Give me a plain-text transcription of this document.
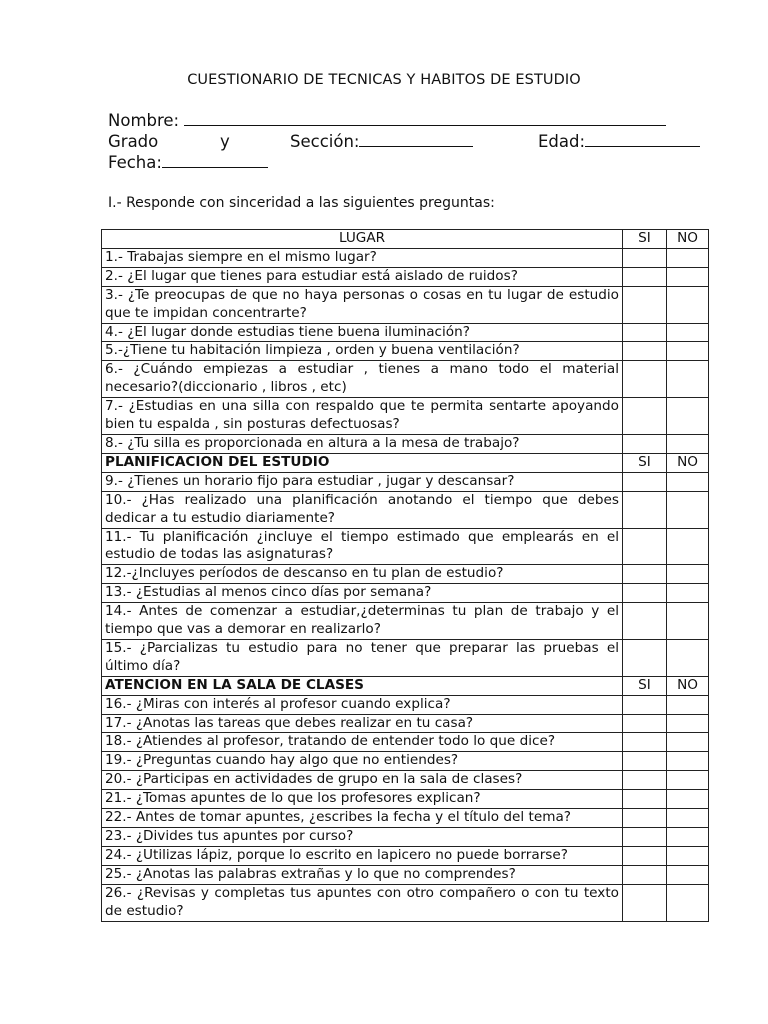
CUESTIONARIO DE TECNICAS Y HABITOS DE ESTUDIO
Nombre:
Grado	y	Sección:	Edad:
Fecha:
I.- Responde con sinceridad a las siguientes preguntas:
LUGAR	SI	NO
1.- Trabajas siempre en el mismo lugar?		
2.- ¿El lugar que tienes para estudiar está aislado de ruidos?		
3.- ¿Te preocupas de que no haya personas o cosas en tu lugar de estudio que te impidan concentrarte?		
4.- ¿El lugar donde estudias tiene buena iluminación?		
5.-¿Tiene tu habitación limpieza , orden y buena ventilación?		
6.- ¿Cuándo empiezas a estudiar , tienes a mano todo el material necesario?(diccionario , libros , etc)		
7.- ¿Estudias en una silla con respaldo que te permita sentarte apoyando bien tu espalda , sin posturas defectuosas?		
8.- ¿Tu silla es proporcionada en altura a la mesa de trabajo?		
PLANIFICACION DEL ESTUDIO	SI	NO
9.- ¿Tienes un horario fijo para estudiar , jugar y descansar?		
10.- ¿Has realizado una planificación anotando el tiempo que debes dedicar a tu estudio diariamente?		
11.- Tu planificación ¿incluye el tiempo estimado que emplearás en el estudio de todas las asignaturas?		
12.-¿Incluyes períodos de descanso en tu plan de estudio?		
13.- ¿Estudias al menos cinco días por semana?		
14.- Antes de comenzar a estudiar,¿determinas tu plan de trabajo y el tiempo que vas a demorar en realizarlo?		
15.- ¿Parcializas tu estudio para no tener que preparar las pruebas el último día?		
ATENCION EN LA SALA DE CLASES	SI	NO
16.- ¿Miras con interés al profesor cuando explica?		
17.- ¿Anotas las tareas que debes realizar en tu casa?		
18.- ¿Atiendes al profesor, tratando de entender todo lo que dice?		
19.- ¿Preguntas cuando hay algo que no entiendes?		
20.- ¿Participas en actividades de grupo en la sala de clases?		
21.- ¿Tomas apuntes de lo que los profesores explican?		
22.- Antes de tomar apuntes, ¿escribes la fecha y el título del tema?		
23.- ¿Divides tus apuntes por curso?		
24.- ¿Utilizas lápiz, porque lo escrito en lapicero no puede borrarse?		
25.- ¿Anotas las palabras extrañas y lo que no comprendes?		
26.- ¿Revisas y completas tus apuntes con otro compañero o con tu texto de estudio?		
